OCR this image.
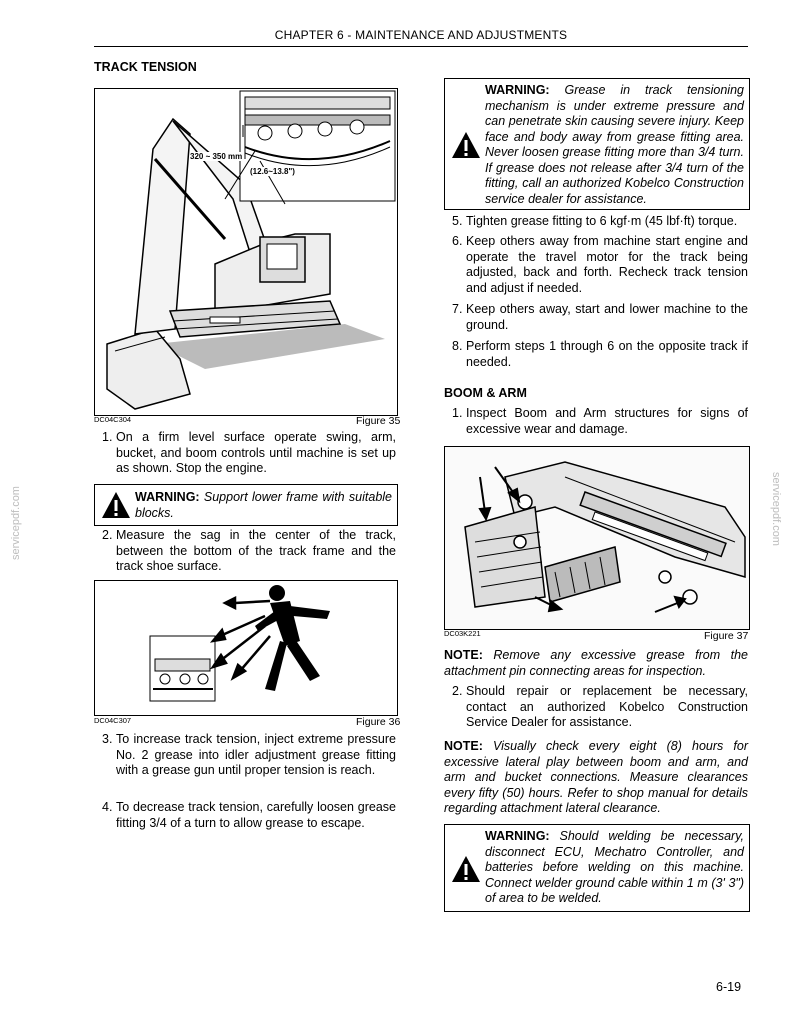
CHAPTER 6 - MAINTENANCE AND ADJUSTMENTS
servicepdf.com	servicepdf.com
TRACK TENSION
320 ~ 350 mm
(12.6~13.8")
DC04C304	Figure 35
1. On a firm level surface operate swing, arm, bucket, and boom controls until machine is set up as shown. Stop the engine.
WARNING: Support lower frame with suitable blocks.
2. Measure the sag in the center of the track, between the bottom of the track frame and the track shoe surface.
DC04C307	Figure 36
3. To increase track tension, inject extreme pressure No. 2 grease into idler adjustment grease fitting with a grease gun until proper tension is reach.
4. To decrease track tension, carefully loosen grease fitting 3/4 of a turn to allow grease to escape.
WARNING: Grease in track tensioning mechanism is under extreme pressure and can penetrate skin causing severe injury. Keep face and body away from grease fitting area. Never loosen grease fitting more than 3/4 turn. If grease does not release after 3/4 turn of the fitting, call an authorized Kobelco Construction service dealer for assistance.
5. Tighten grease fitting to 6 kgf·m (45 lbf·ft) torque.
6. Keep others away from machine start engine and operate the travel motor for the track being adjusted, back and forth. Recheck track tension and adjust if needed.
7. Keep others away, start and lower machine to the ground.
8. Perform steps 1 through 6 on the opposite track if needed.
BOOM & ARM
1. Inspect Boom and Arm structures for signs of excessive wear and damage.
DC03K221	Figure 37
NOTE: Remove any excessive grease from the attachment pin connecting areas for inspection.
2. Should repair or replacement be necessary, contact an authorized Kobelco Construction Service Dealer for assistance.
NOTE: Visually check every eight (8) hours for excessive lateral play between boom and arm, and arm and bucket connections. Measure clearances every fifty (50) hours. Refer to shop manual for details regarding attachment lateral clearance.
WARNING: Should welding be necessary, disconnect ECU, Mechatro Controller, and batteries before welding on this machine. Connect welder ground cable within 1 m (3' 3") of area to be welded.
6-19
